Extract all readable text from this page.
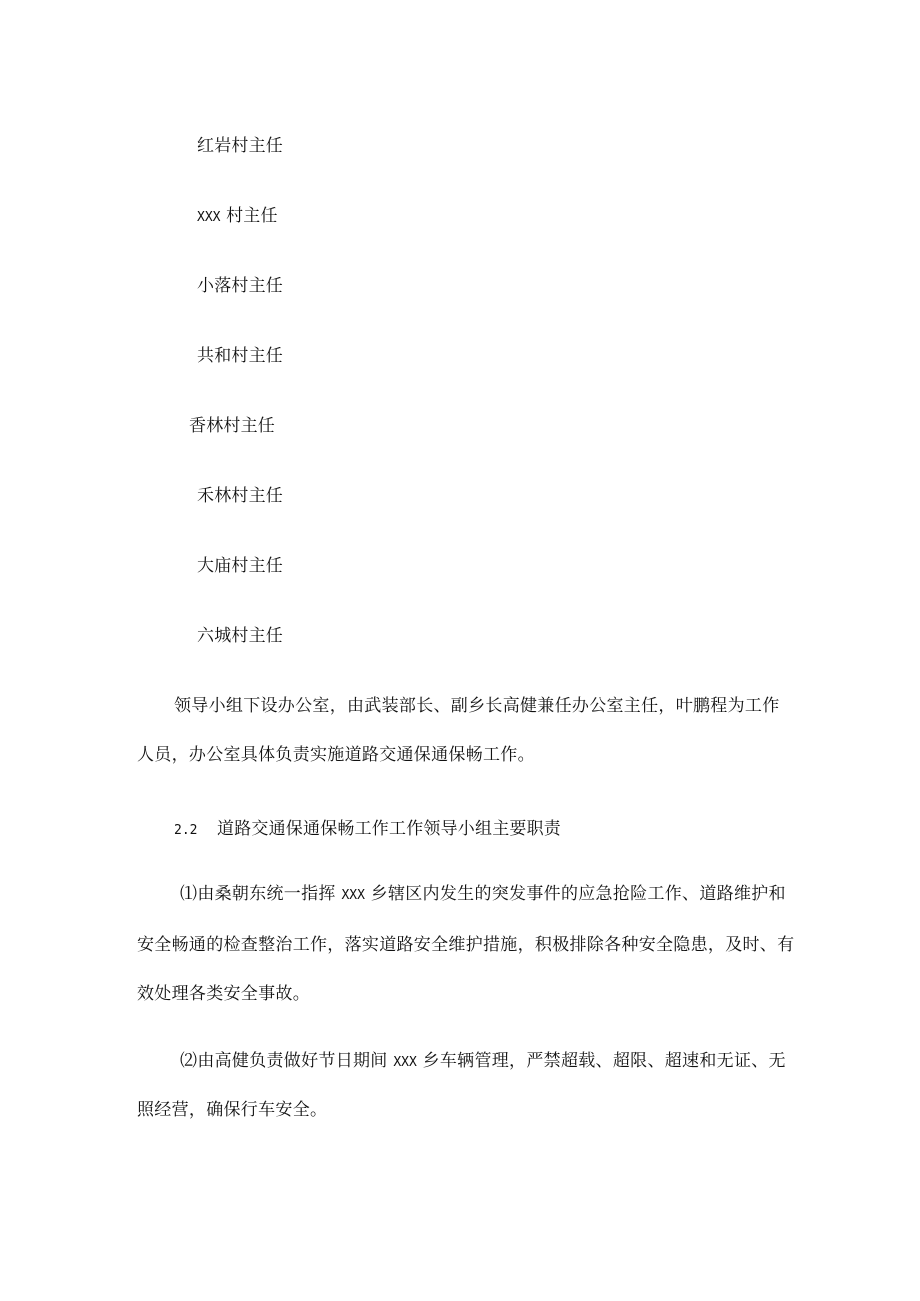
红岩村主任
XXX 村主任
小落村主任
共和村主任
香林村主任
禾林村主任
大庙村主任
六城村主任
领导小组下设办公室，由武装部长、副乡长高健兼任办公室主任，叶鹏程为工作
人员，办公室具体负责实施道路交通保通保畅工作。
2.2 道路交通保通保畅工作工作领导小组主要职责
⑴由桑朝东统一指挥 XXX 乡辖区内发生的突发事件的应急抢险工作、道路维护和
安全畅通的检查整治工作，落实道路安全维护措施，积极排除各种安全隐患，及时、有
效处理各类安全事故。
⑵由高健负责做好节日期间 XXX 乡车辆管理，严禁超载、超限、超速和无证、无
照经营，确保行车安全。
